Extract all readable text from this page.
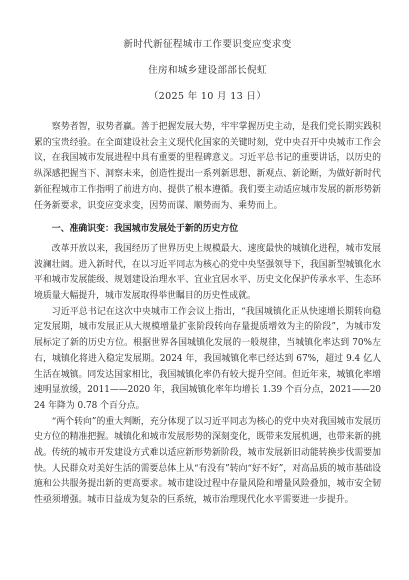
新时代新征程城市工作要识变应变求变

住房和城乡建设部部长倪虹

（2025 年 10 月 13 日）

察势者智，驭势者赢。善于把握发展大势，牢牢掌握历史主动，是我们党长期实践积累的宝贵经验。在全面建设社会主义现代化国家的关键时刻，党中央召开中央城市工作会议，在我国城市发展进程中具有重要的里程碑意义。习近平总书记的重要讲话，以历史的纵深感把握当下、洞察未来，创造性提出一系列新思想、新观点、新论断，为做好新时代新征程城市工作指明了前进方向、提供了根本遵循。我们要主动适应城市发展的新形势新任务新要求，识变应变求变，因势而谋、顺势而为、乘势而上。

一、准确识变：我国城市发展处于新的历史方位

改革开放以来，我国经历了世界历史上规模最大、速度最快的城镇化进程，城市发展波澜壮阔。进入新时代，在以习近平同志为核心的党中央坚强领导下，我国新型城镇化水平和城市发展能级、规划建设治理水平、宜业宜居水平、历史文化保护传承水平、生态环境质量大幅提升，城市发展取得举世瞩目的历史性成就。

习近平总书记在这次中央城市工作会议上指出，“我国城镇化正从快速增长期转向稳定发展期，城市发展正从大规模增量扩张阶段转向存量提质增效为主的阶段”，为城市发展标定了新的历史方位。根据世界各国城镇化发展的一般规律，当城镇化率达到 70%左右，城镇化将进入稳定发展期。2024 年，我国城镇化率已经达到 67%，超过 9.4 亿人生活在城镇。同发达国家相比，我国城镇化率仍有较大提升空间。但近年来，城镇化率增速明显放缓，2011——2020 年，我国城镇化率年均增长 1.39 个百分点，2021——2024 年降为 0.78 个百分点。

“两个转向”的重大判断，充分体现了以习近平同志为核心的党中央对我国城市发展历史方位的精准把握。城镇化和城市发展形势的深刻变化，既带来发展机遇，也带来新的挑战。传统的城市开发建设方式难以适应新形势新阶段，城市发展新旧动能转换步伐需要加快。人民群众对美好生活的需要总体上从“有没有”转向“好不好”，对高品质的城市基础设施和公共服务提出新的更高要求。城市建设过程中存量风险和增量风险叠加，城市安全韧性亟须增强。城市日益成为复杂的巨系统，城市治理现代化水平需要进一步提升。
